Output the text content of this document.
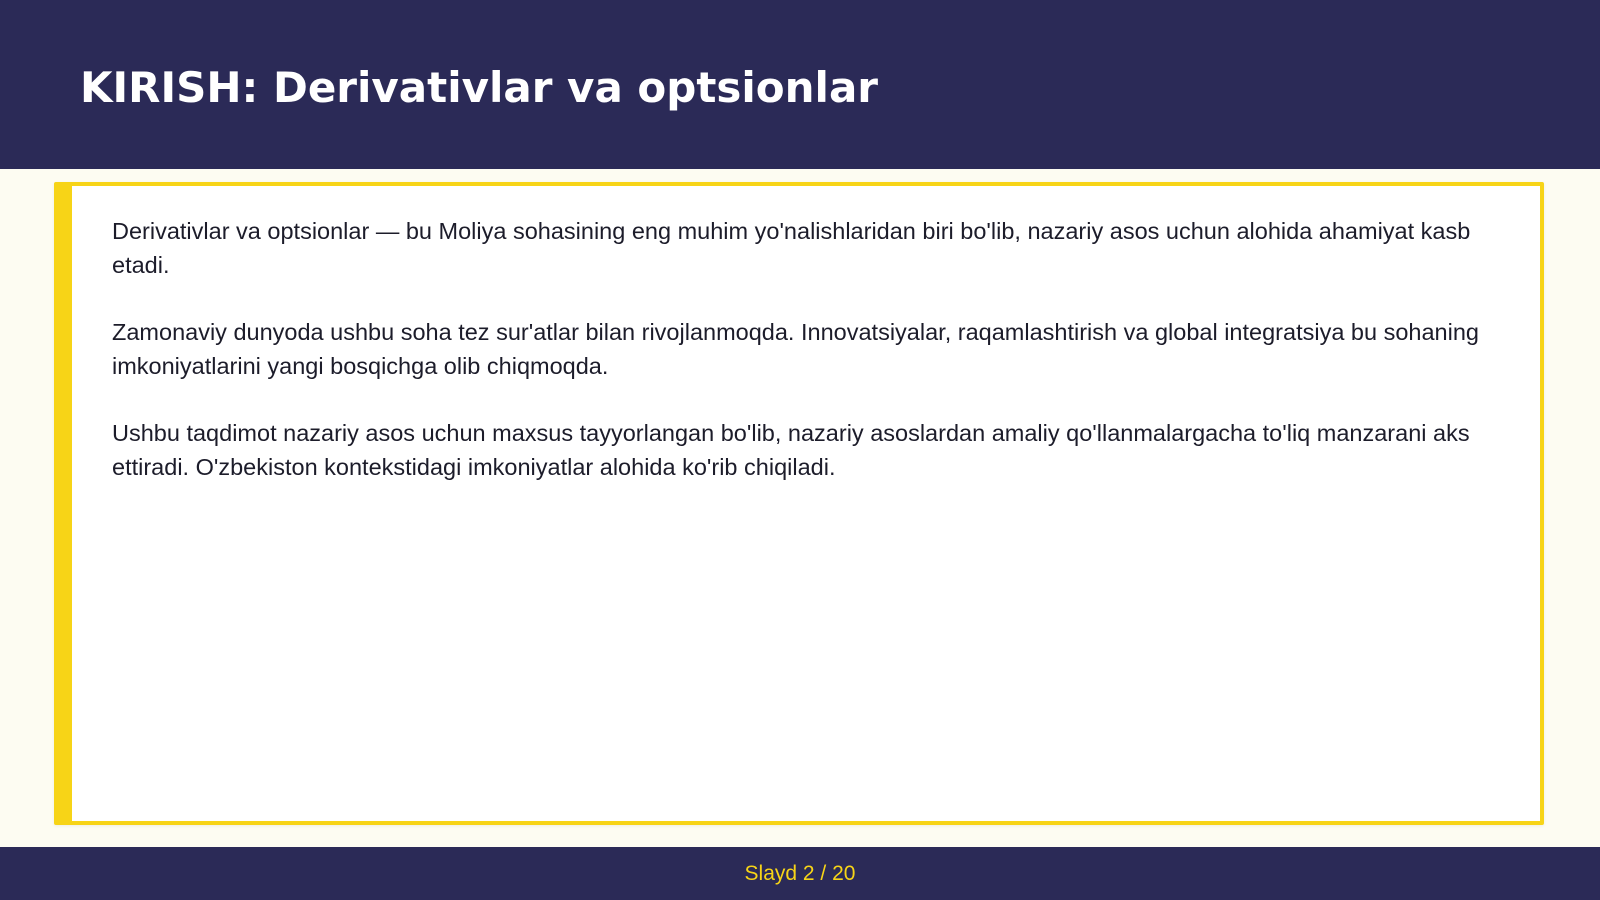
KIRISH: Derivativlar va optsionlar

Derivativlar va optsionlar — bu Moliya sohasining eng muhim yo'nalishlaridan biri bo'lib, nazariy asos uchun alohida ahamiyat kasb etadi.

Zamonaviy dunyoda ushbu soha tez sur'atlar bilan rivojlanmoqda. Innovatsiyalar, raqamlashtirish va global integratsiya bu sohaning imkoniyatlarini yangi bosqichga olib chiqmoqda.

Ushbu taqdimot nazariy asos uchun maxsus tayyorlangan bo'lib, nazariy asoslardan amaliy qo'llanmalargacha to'liq manzarani aks ettiradi. O'zbekiston kontekstidagi imkoniyatlar alohida ko'rib chiqiladi.

Slayd 2 / 20
